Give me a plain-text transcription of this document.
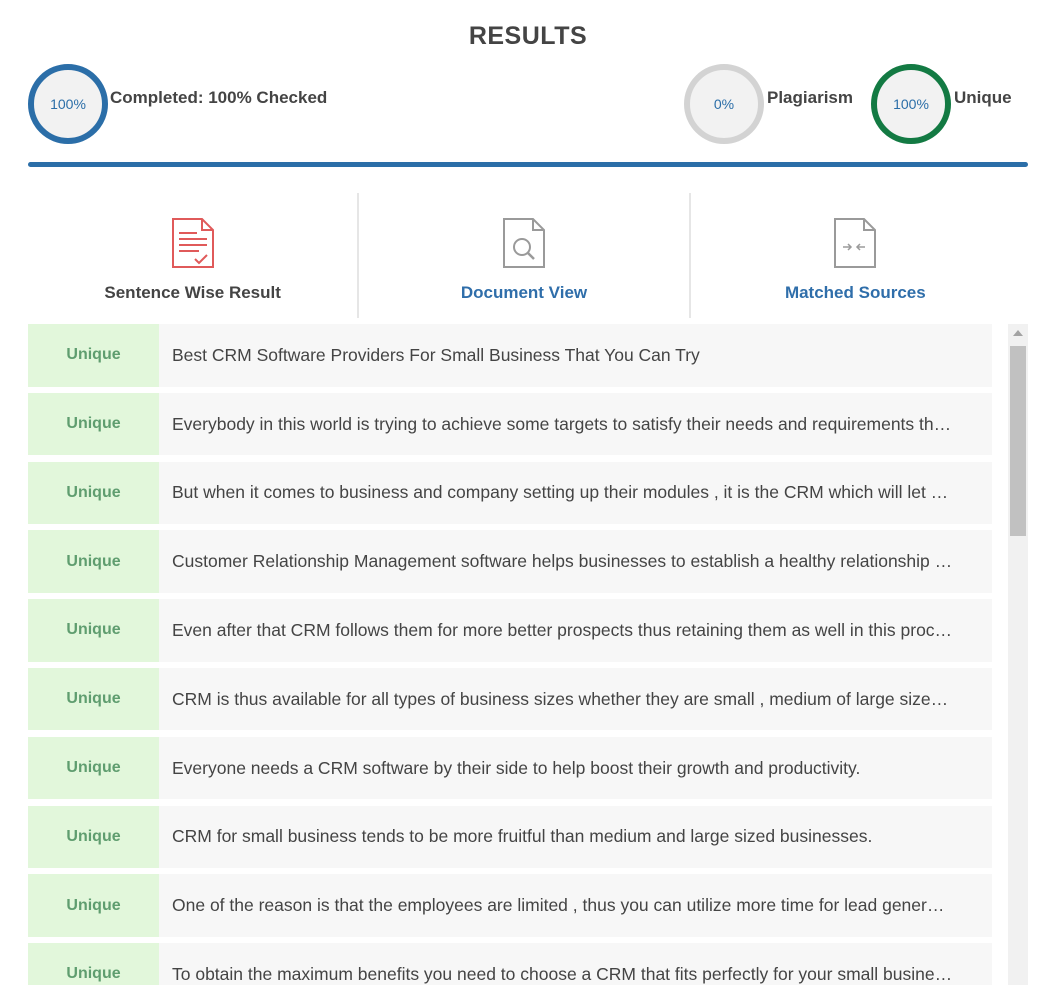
RESULTS
100% Completed: 100% Checked	0% Plagiarism	100% Unique
Sentence Wise Result	Document View	Matched Sources
Unique	Best CRM Software Providers For Small Business That You Can Try
Unique	Everybody in this world is trying to achieve some targets to satisfy their needs and requirements th…
Unique	But when it comes to business and company setting up their modules , it is the CRM which will let …
Unique	Customer Relationship Management software helps businesses to establish a healthy relationship …
Unique	Even after that CRM follows them for more better prospects thus retaining them as well in this proc…
Unique	CRM is thus available for all types of business sizes whether they are small , medium of large size…
Unique	Everyone needs a CRM software by their side to help boost their growth and productivity.
Unique	CRM for small business tends to be more fruitful than medium and large sized businesses.
Unique	One of the reason is that the employees are limited , thus you can utilize more time for lead gener…
Unique	To obtain the maximum benefits you need to choose a CRM that fits perfectly for your small busine…
